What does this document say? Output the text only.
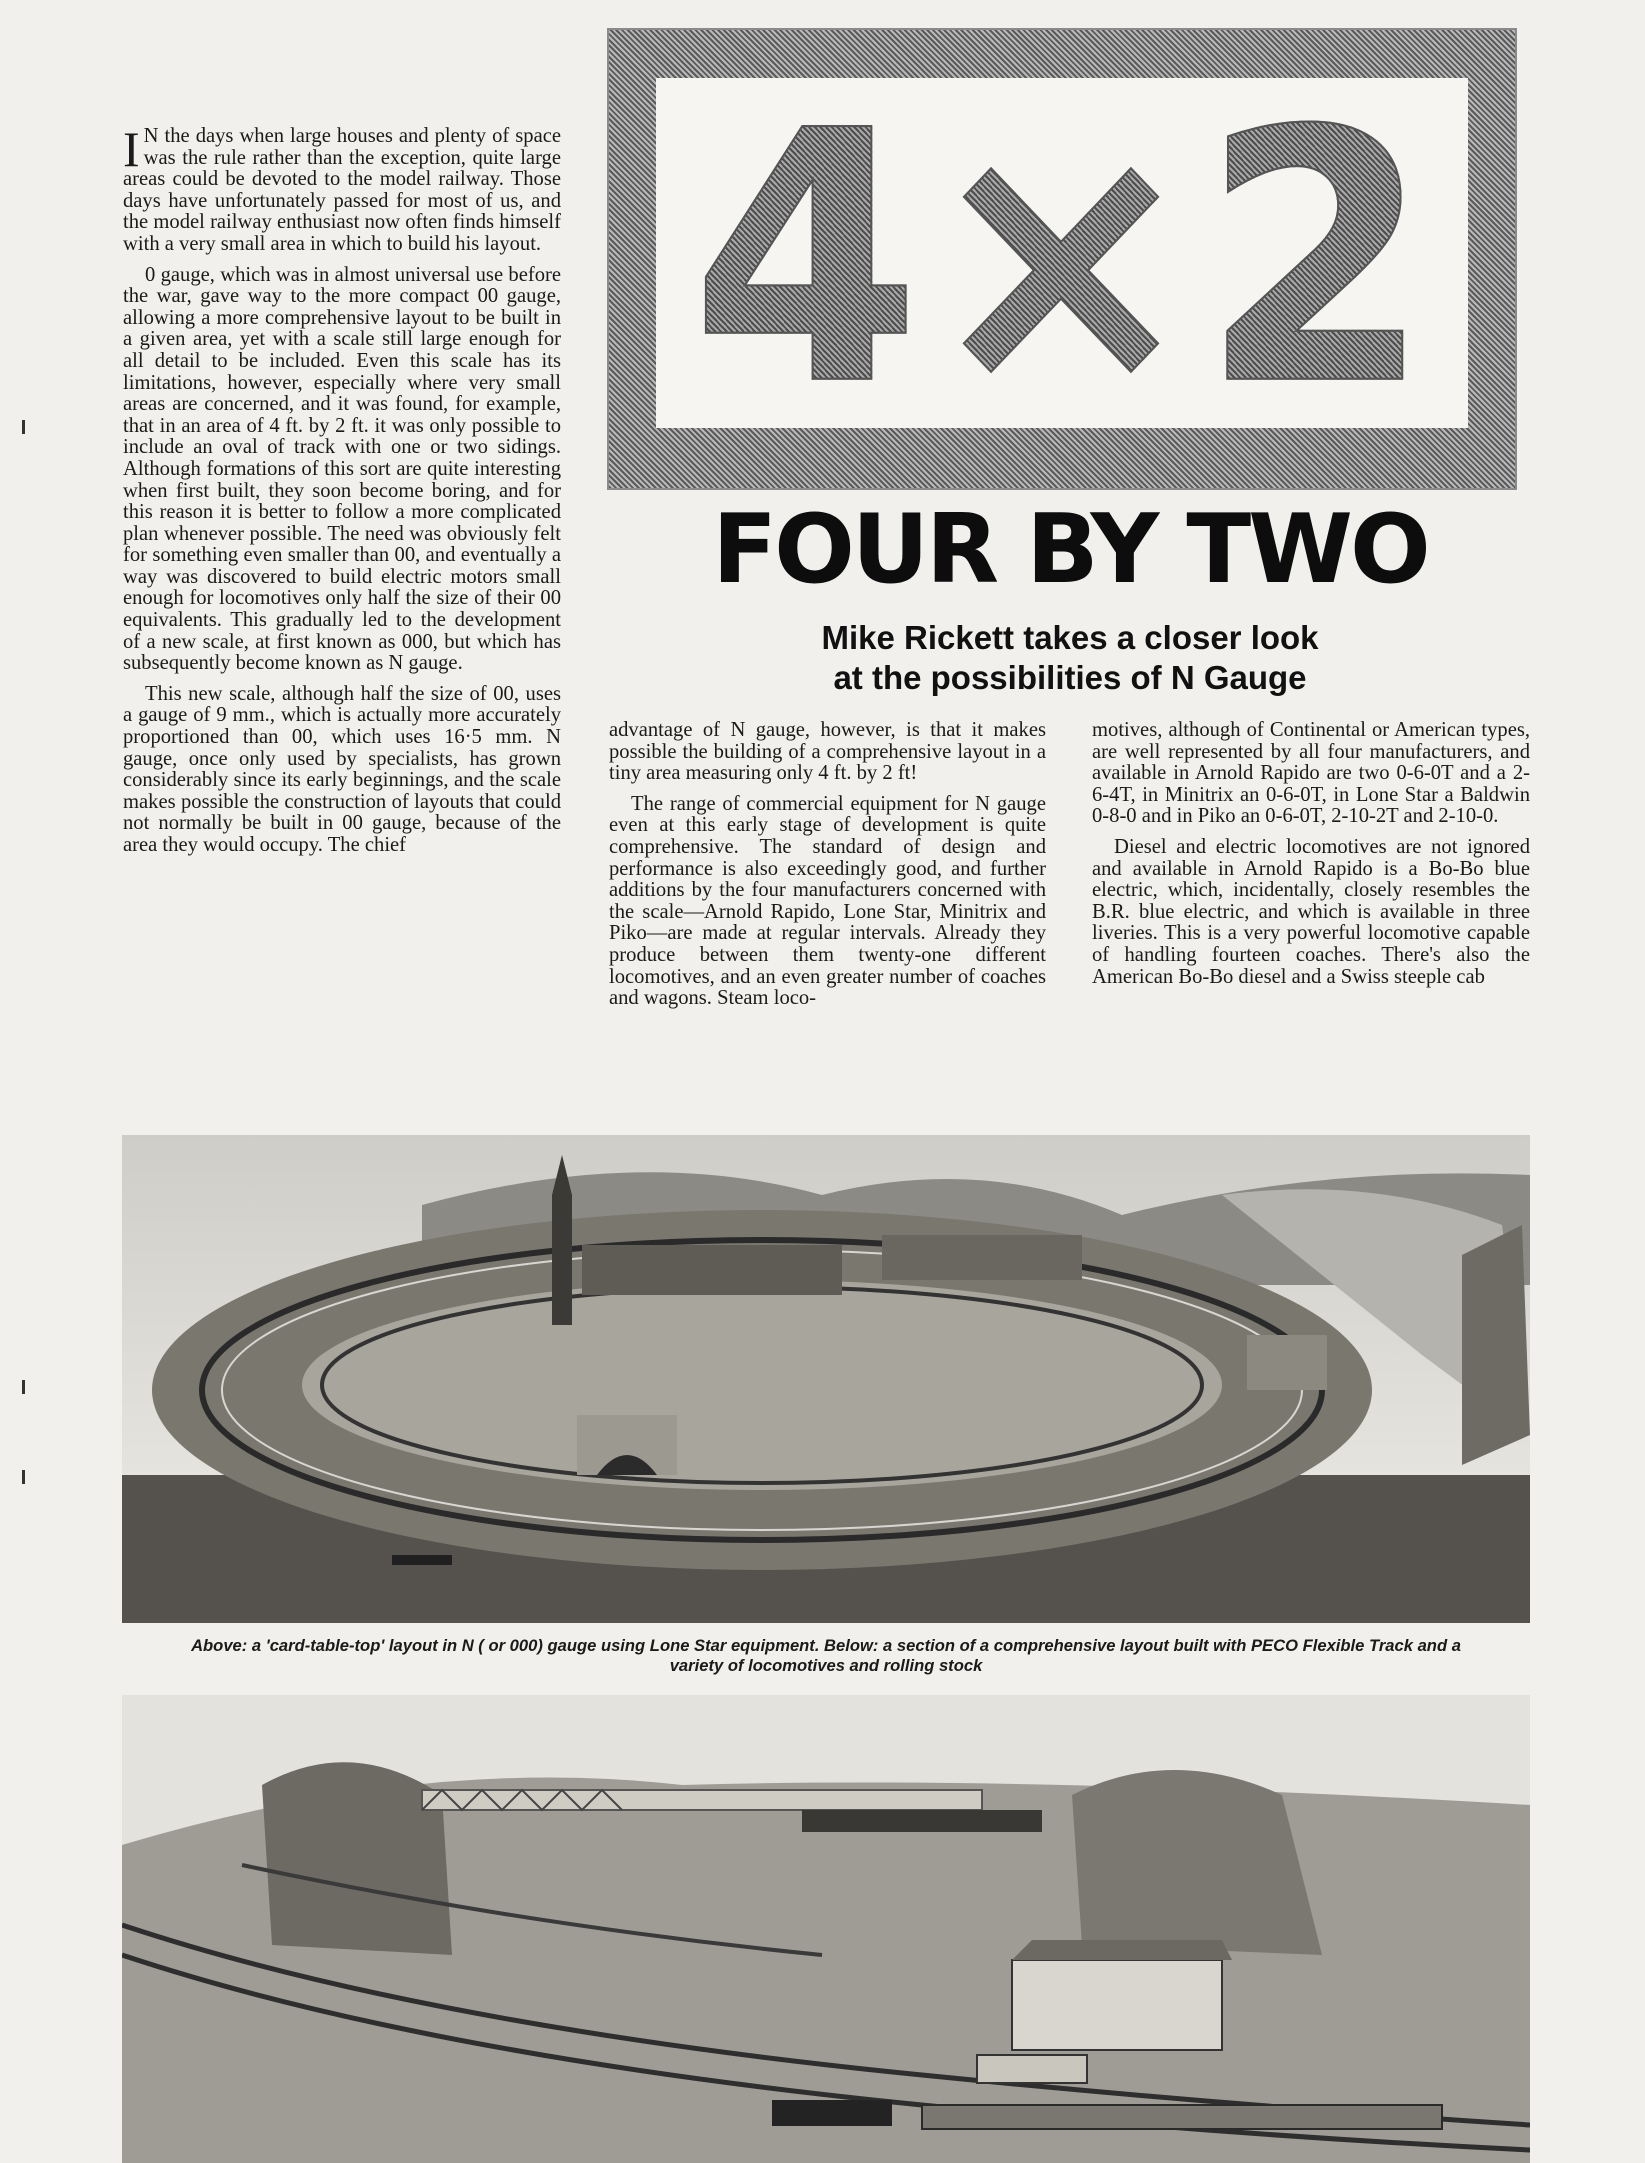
I N the days when large houses and plenty of space was the rule rather than the exception, quite large areas could be devoted to the model railway. Those days have unfortunately passed for most of us, and the model railway enthusiast now often finds himself with a very small area in which to build his layout.

0 gauge, which was in almost universal use before the war, gave way to the more compact 00 gauge, allowing a more comprehensive layout to be built in a given area, yet with a scale still large enough for all detail to be included. Even this scale has its limitations, however, especially where very small areas are concerned, and it was found, for example, that in an area of 4 ft. by 2 ft. it was only possible to include an oval of track with one or two sidings. Although formations of this sort are quite interesting when first built, they soon become boring, and for this reason it is better to follow a more complicated plan whenever possible. The need was obviously felt for something even smaller than 00, and eventually a way was discovered to build electric motors small enough for locomotives only half the size of their 00 equivalents. This gradually led to the development of a new scale, at first known as 000, but which has subsequently become known as N gauge.

This new scale, although half the size of 00, uses a gauge of 9 mm., which is actually more accurately proportioned than 00, which uses 16·5 mm. N gauge, once only used by specialists, has grown considerably since its early beginnings, and the scale makes possible the construction of layouts that could not normally be built in 00 gauge, because of the area they would occupy. The chief

4×2
FOUR BY TWO
Mike Rickett takes a closer look
at the possibilities of N Gauge

advantage of N gauge, however, is that it makes possible the building of a comprehensive layout in a tiny area measuring only 4 ft. by 2 ft!

The range of commercial equipment for N gauge even at this early stage of development is quite comprehensive. The standard of design and performance is also exceedingly good, and further additions by the four manufacturers concerned with the scale—Arnold Rapido, Lone Star, Minitrix and Piko—are made at regular intervals. Already they produce between them twenty-one different locomotives, and an even greater number of coaches and wagons. Steam loco-

motives, although of Continental or American types, are well represented by all four manufacturers, and available in Arnold Rapido are two 0-6-0T and a 2-6-4T, in Minitrix an 0-6-0T, in Lone Star a Baldwin 0-8-0 and in Piko an 0-6-0T, 2-10-2T and 2-10-0.

Diesel and electric locomotives are not ignored and available in Arnold Rapido is a Bo-Bo blue electric, which, incidentally, closely resembles the B.R. blue electric, and which is available in three liveries. This is a very powerful locomotive capable of handling fourteen coaches. There's also the American Bo-Bo diesel and a Swiss steeple cab

Above: a 'card-table-top' layout in N ( or 000) gauge using Lone Star equipment. Below: a section of a comprehensive layout built with PECO Flexible Track and a
variety of locomotives and rolling stock
